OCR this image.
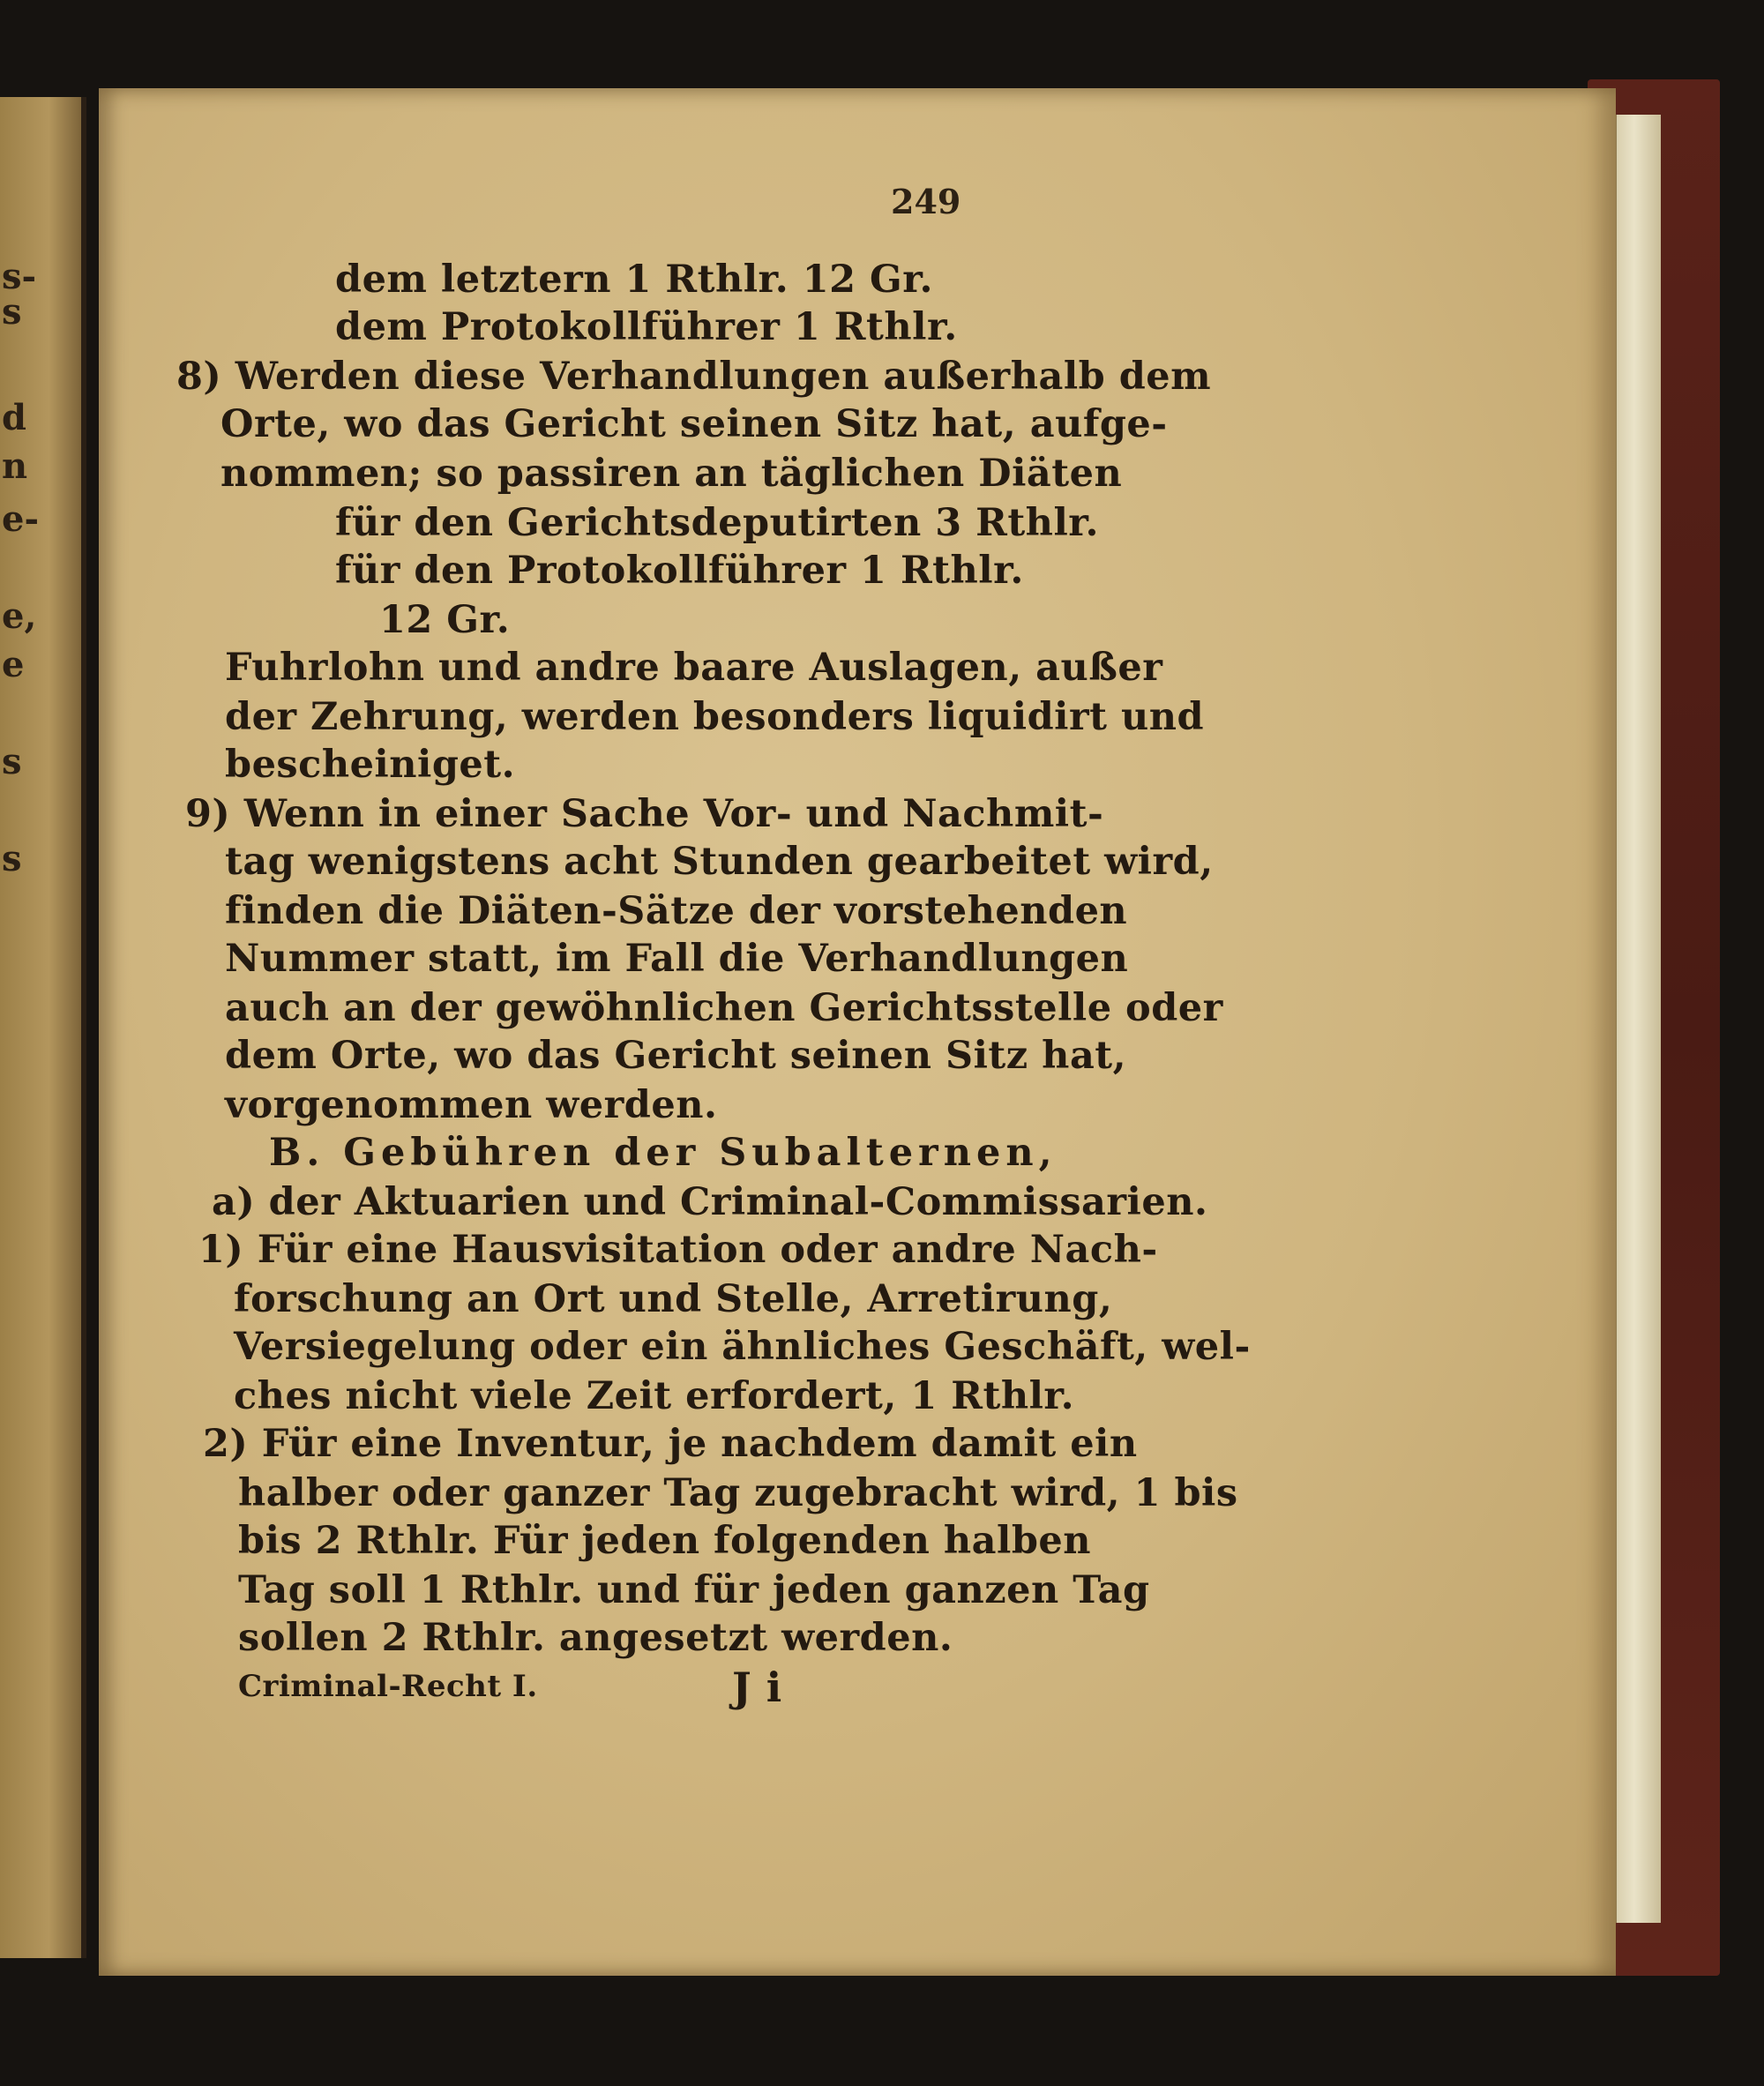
s-
s
d
n
e-
e,
e
s
s
249
dem letztern 1 Rthlr. 12 Gr.
dem Protokollführer 1 Rthlr.
8) Werden diese Verhandlungen außerhalb dem
Orte, wo das Gericht seinen Sitz hat, aufge-
nommen; so passiren an täglichen Diäten
für den Gerichtsdeputirten 3 Rthlr.
für den Protokollführer 1 Rthlr.
12 Gr.
Fuhrlohn und andre baare Auslagen, außer
der Zehrung, werden besonders liquidirt und
bescheiniget.
9) Wenn in einer Sache Vor- und Nachmit-
tag wenigstens acht Stunden gearbeitet wird,
finden die Diäten-Sätze der vorstehenden
Nummer statt, im Fall die Verhandlungen
auch an der gewöhnlichen Gerichtsstelle oder
dem Orte, wo das Gericht seinen Sitz hat,
vorgenommen werden.
B. Gebühren der Subalternen,
a) der Aktuarien und Criminal-Commissarien.
1) Für eine Hausvisitation oder andre Nach-
forschung an Ort und Stelle, Arretirung,
Versiegelung oder ein ähnliches Geschäft, wel-
ches nicht viele Zeit erfordert, 1 Rthlr.
2) Für eine Inventur, je nachdem damit ein
halber oder ganzer Tag zugebracht wird, 1 bis
bis 2 Rthlr. Für jeden folgenden halben
Tag soll 1 Rthlr. und für jeden ganzen Tag
sollen 2 Rthlr. angesetzt werden.
Criminal-Recht I.	J i
